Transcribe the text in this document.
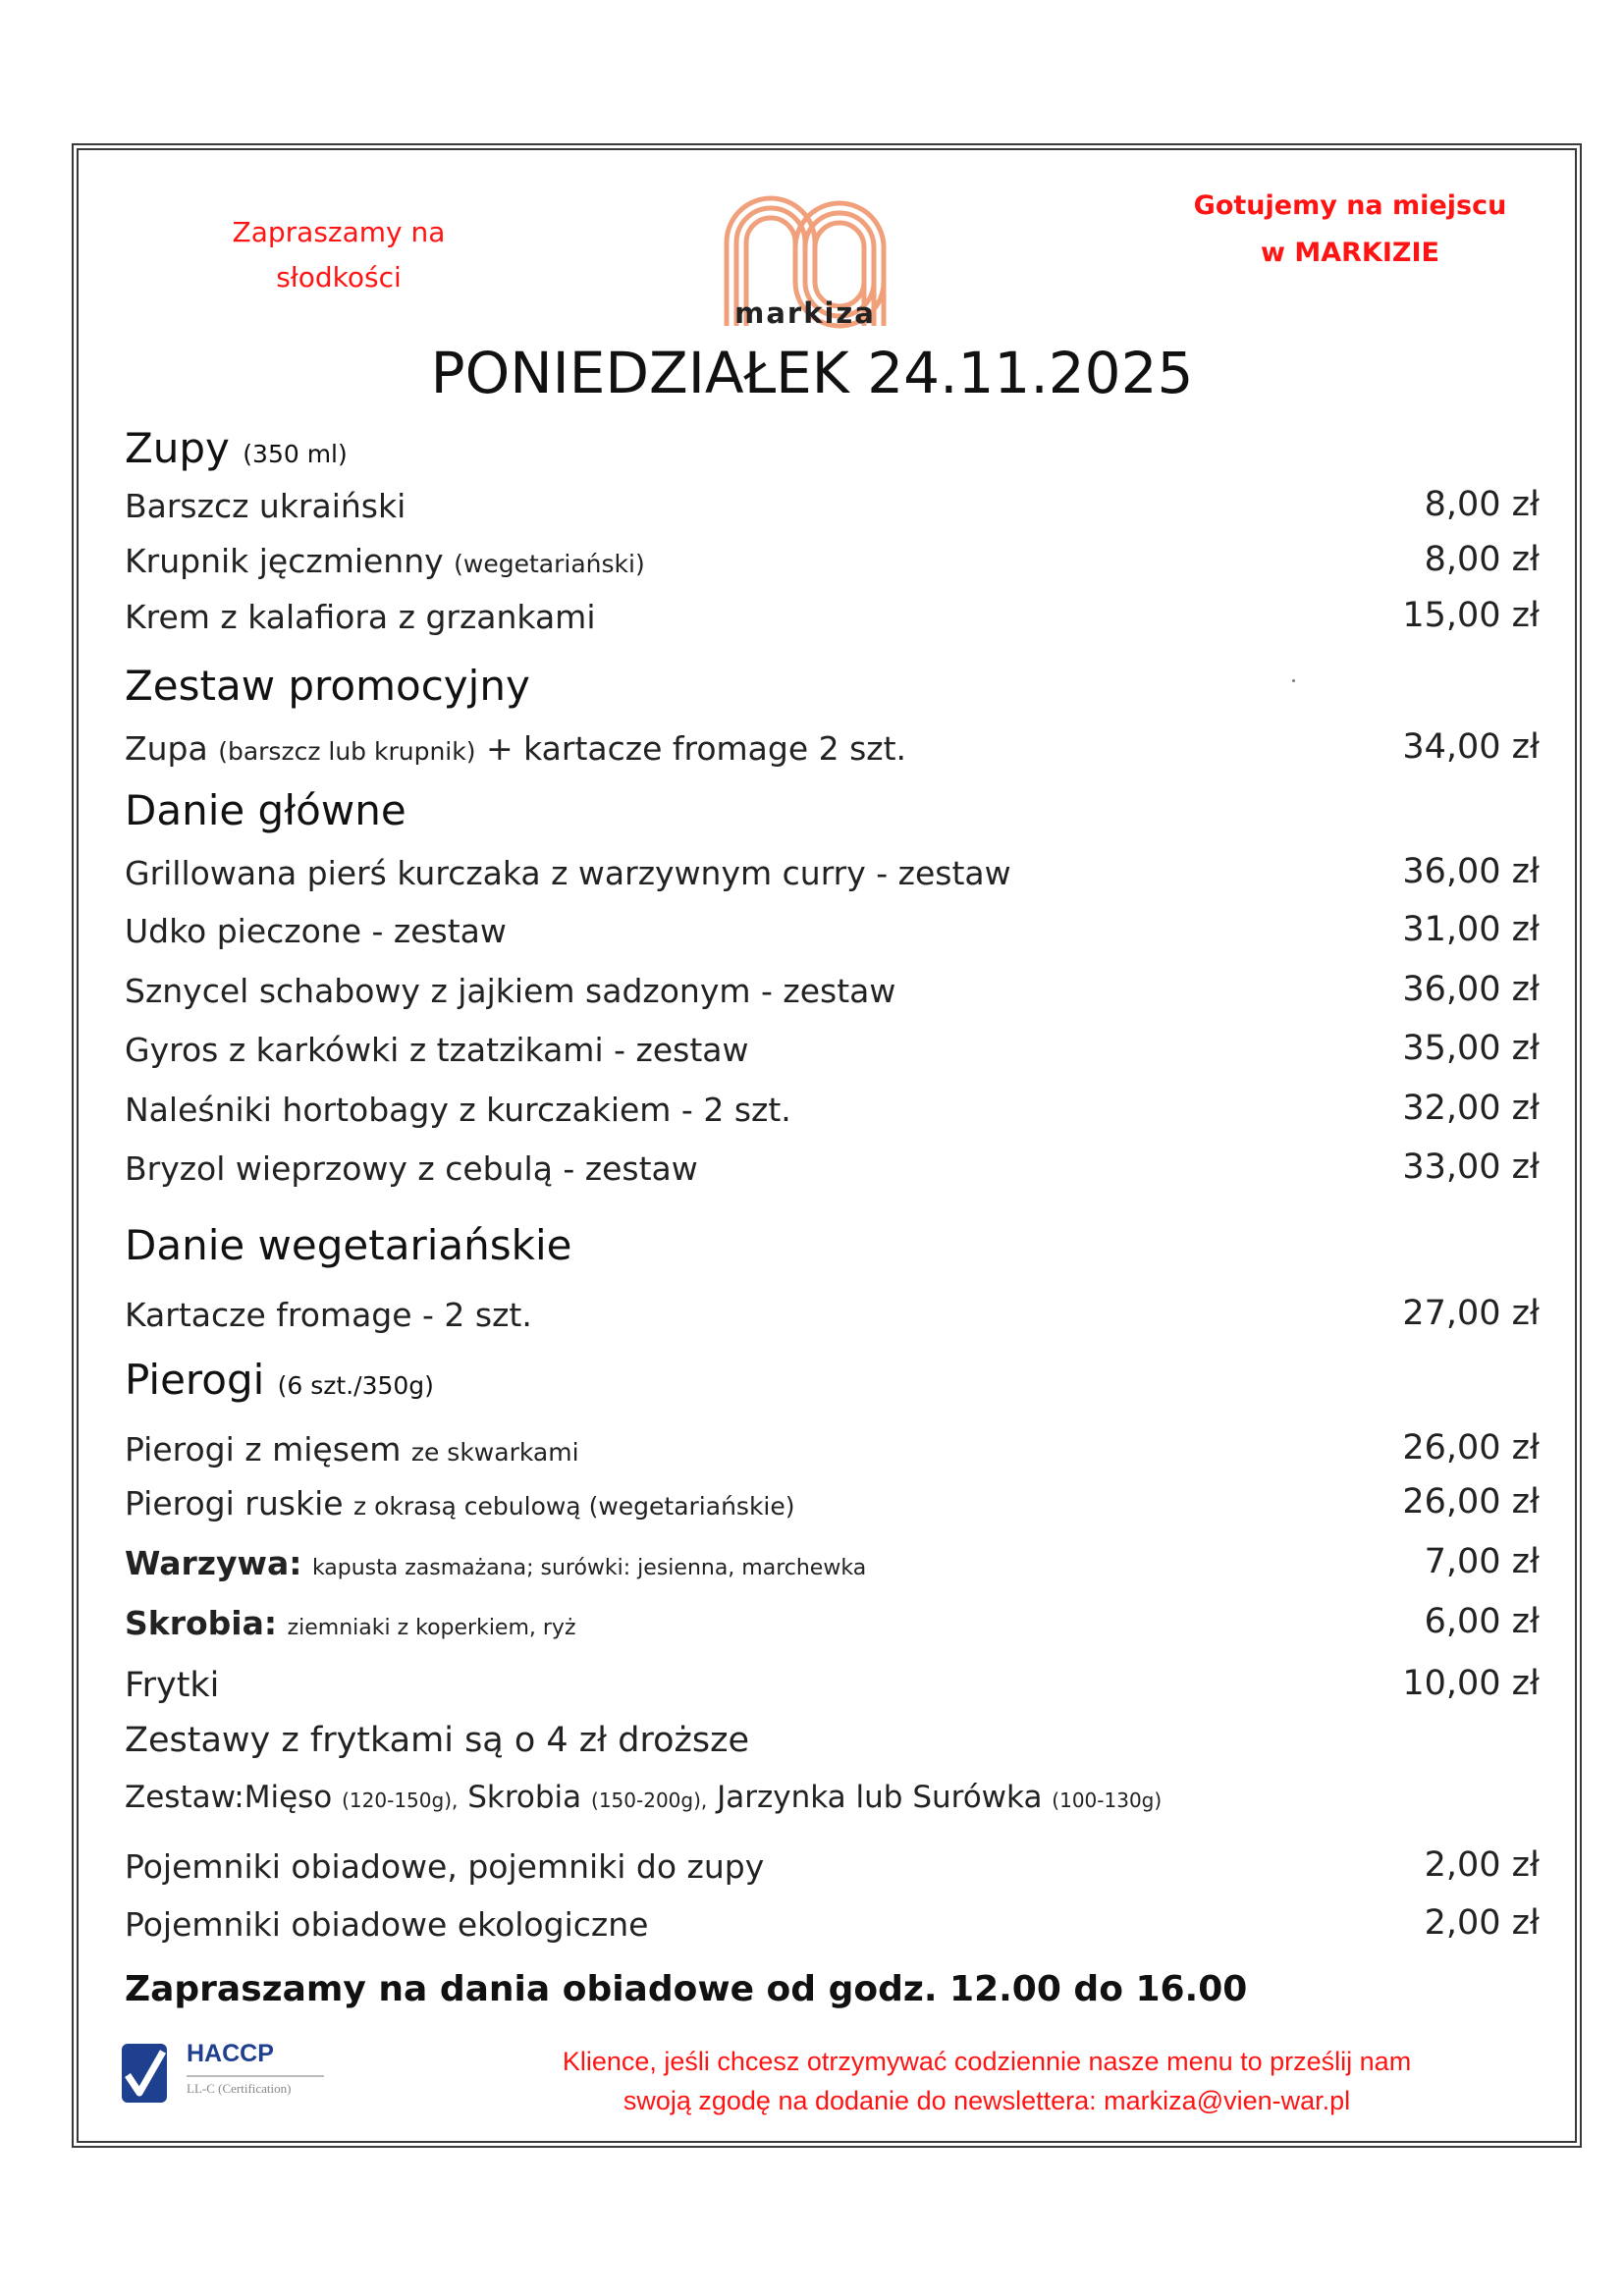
Zapraszamy na
słodkości
markiza
Gotujemy na miejscu
w MARKIZIE
PONIEDZIAŁEK 24.11.2025
Zupy (350 ml)
Barszcz ukraiński	8,00 zł
Krupnik jęczmienny (wegetariański)	8,00 zł
Krem z kalafiora z grzankami	15,00 zł
Zestaw promocyjny
Zupa (barszcz lub krupnik) + kartacze fromage 2 szt.	34,00 zł
Danie główne
Grillowana pierś kurczaka z warzywnym curry - zestaw	36,00 zł
Udko pieczone - zestaw	31,00 zł
Sznycel schabowy z jajkiem sadzonym - zestaw	36,00 zł
Gyros z karkówki z tzatzikami - zestaw	35,00 zł
Naleśniki hortobagy z kurczakiem - 2 szt.	32,00 zł
Bryzol wieprzowy z cebulą - zestaw	33,00 zł
Danie wegetariańskie
Kartacze fromage - 2 szt.	27,00 zł
Pierogi (6 szt./350g)
Pierogi z mięsem ze skwarkami	26,00 zł
Pierogi ruskie z okrasą cebulową (wegetariańskie)	26,00 zł
Warzywa: kapusta zasmażana; surówki: jesienna, marchewka	7,00 zł
Skrobia: ziemniaki z koperkiem, ryż	6,00 zł
Frytki	10,00 zł
Zestawy z frytkami są o 4 zł droższe
Zestaw:Mięso (120-150g), Skrobia (150-200g), Jarzynka lub Surówka (100-130g)
Pojemniki obiadowe, pojemniki do zupy	2,00 zł
Pojemniki obiadowe ekologiczne	2,00 zł
Zapraszamy na dania obiadowe od godz. 12.00 do 16.00
HACCP
LL-C (Certification)
Klience, jeśli chcesz otrzymywać codziennie nasze menu to prześlij nam
swoją zgodę na dodanie do newslettera: markiza@vien-war.pl
